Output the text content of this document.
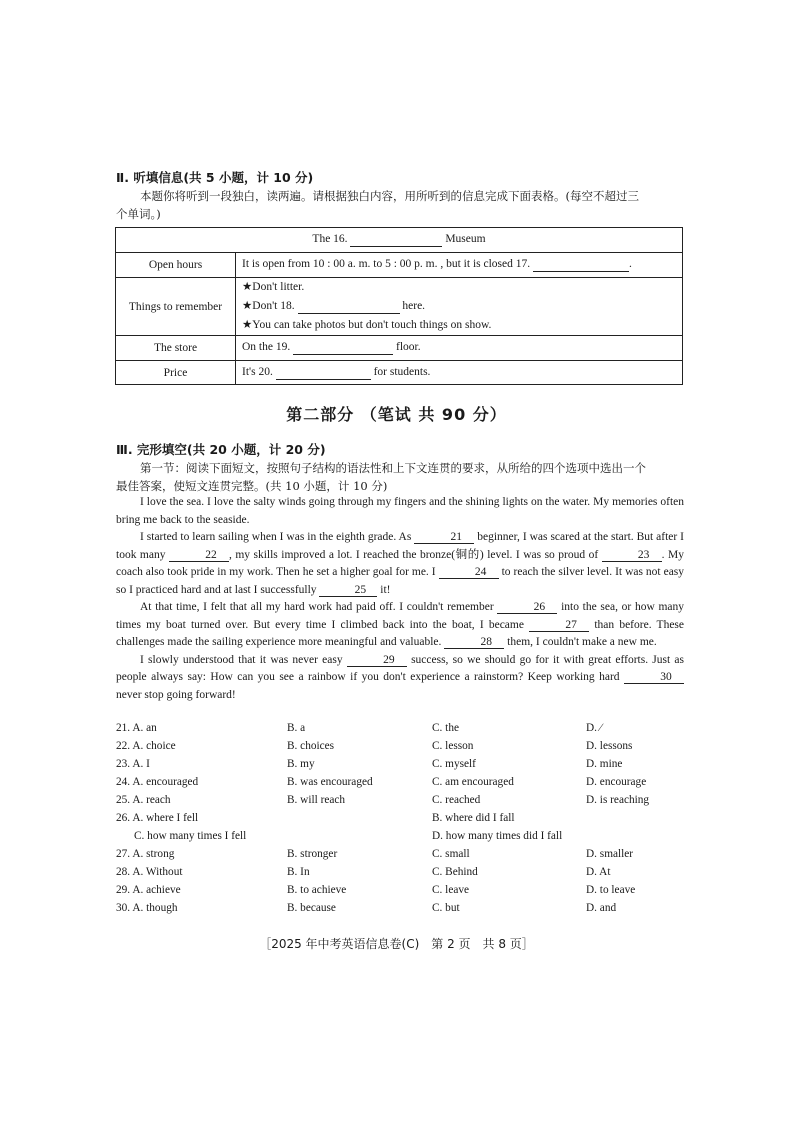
Ⅱ. 听填信息(共 5 小题，计 10 分)
本题你将听到一段独白，读两遍。请根据独白内容，用所听到的信息完成下面表格。(每空不超过三
个单词。)
The 16. Museum	
Open hours	It is open from 10 : 00 a. m. to 5 : 00 p. m. , but it is closed 17. .
Things to remember	★Don't litter.
★Don't 18. here.
★You can take photos but don't touch things on show.

The store	On the 19. floor.
Price	It's 20. for students.
第二部分 （笔试 共 90 分）
Ⅲ. 完形填空(共 20 小题，计 20 分)
第一节：阅读下面短文，按照句子结构的语法性和上下文连贯的要求，从所给的四个选项中选出一个
最佳答案，使短文连贯完整。(共 10 小题，计 10 分)

I love the sea. I love the salty winds going through my fingers and the shining lights on the water. My memories often bring me back to the seaside.

I started to learn sailing when I was in the eighth grade. As	21 beginner, I was scared at the start. But after I took many	22 , my skills improved a lot. I reached the bronze(铜的) level. I was so proud of	23 . My coach also took pride in my work. Then he set a higher goal for me. I	24 to reach the silver level. It was not easy so I practiced hard and at last I successfully	25 it!

At that time, I felt that all my hard work had paid off. I couldn't remember	26 into the sea, or how many times my boat turned over. But every time I climbed back into the boat, I became	27 than before. These challenges made the sailing experience more meaningful and valuable.	28 them, I couldn't make a new me.

I slowly understood that it was never easy	29 success, so we should go for it with great efforts. Just as people always say: How can you see a rainbow if you don't experience a rainstorm? Keep working hard	30 never stop going forward!

21. A. an	B. a	C. the	D. ∕
22. A. choice	B. choices	C. lesson	D. lessons
23. A. I	B. my	C. myself	D. mine
24. A. encouraged	B. was encouraged	C. am encouraged	D. encourage
25. A. reach	B. will reach	C. reached	D. is reaching
26. A. where I fell	B. where did I fall
C. how many times I fell	D. how many times did I fall
27. A. strong	B. stronger	C. small	D. smaller
28. A. Without	B. In	C. Behind	D. At
29. A. achieve	B. to achieve	C. leave	D. to leave
30. A. though	B. because	C. but	D. and
［2025 年中考英语信息卷(C)　第 2 页　共 8 页］
